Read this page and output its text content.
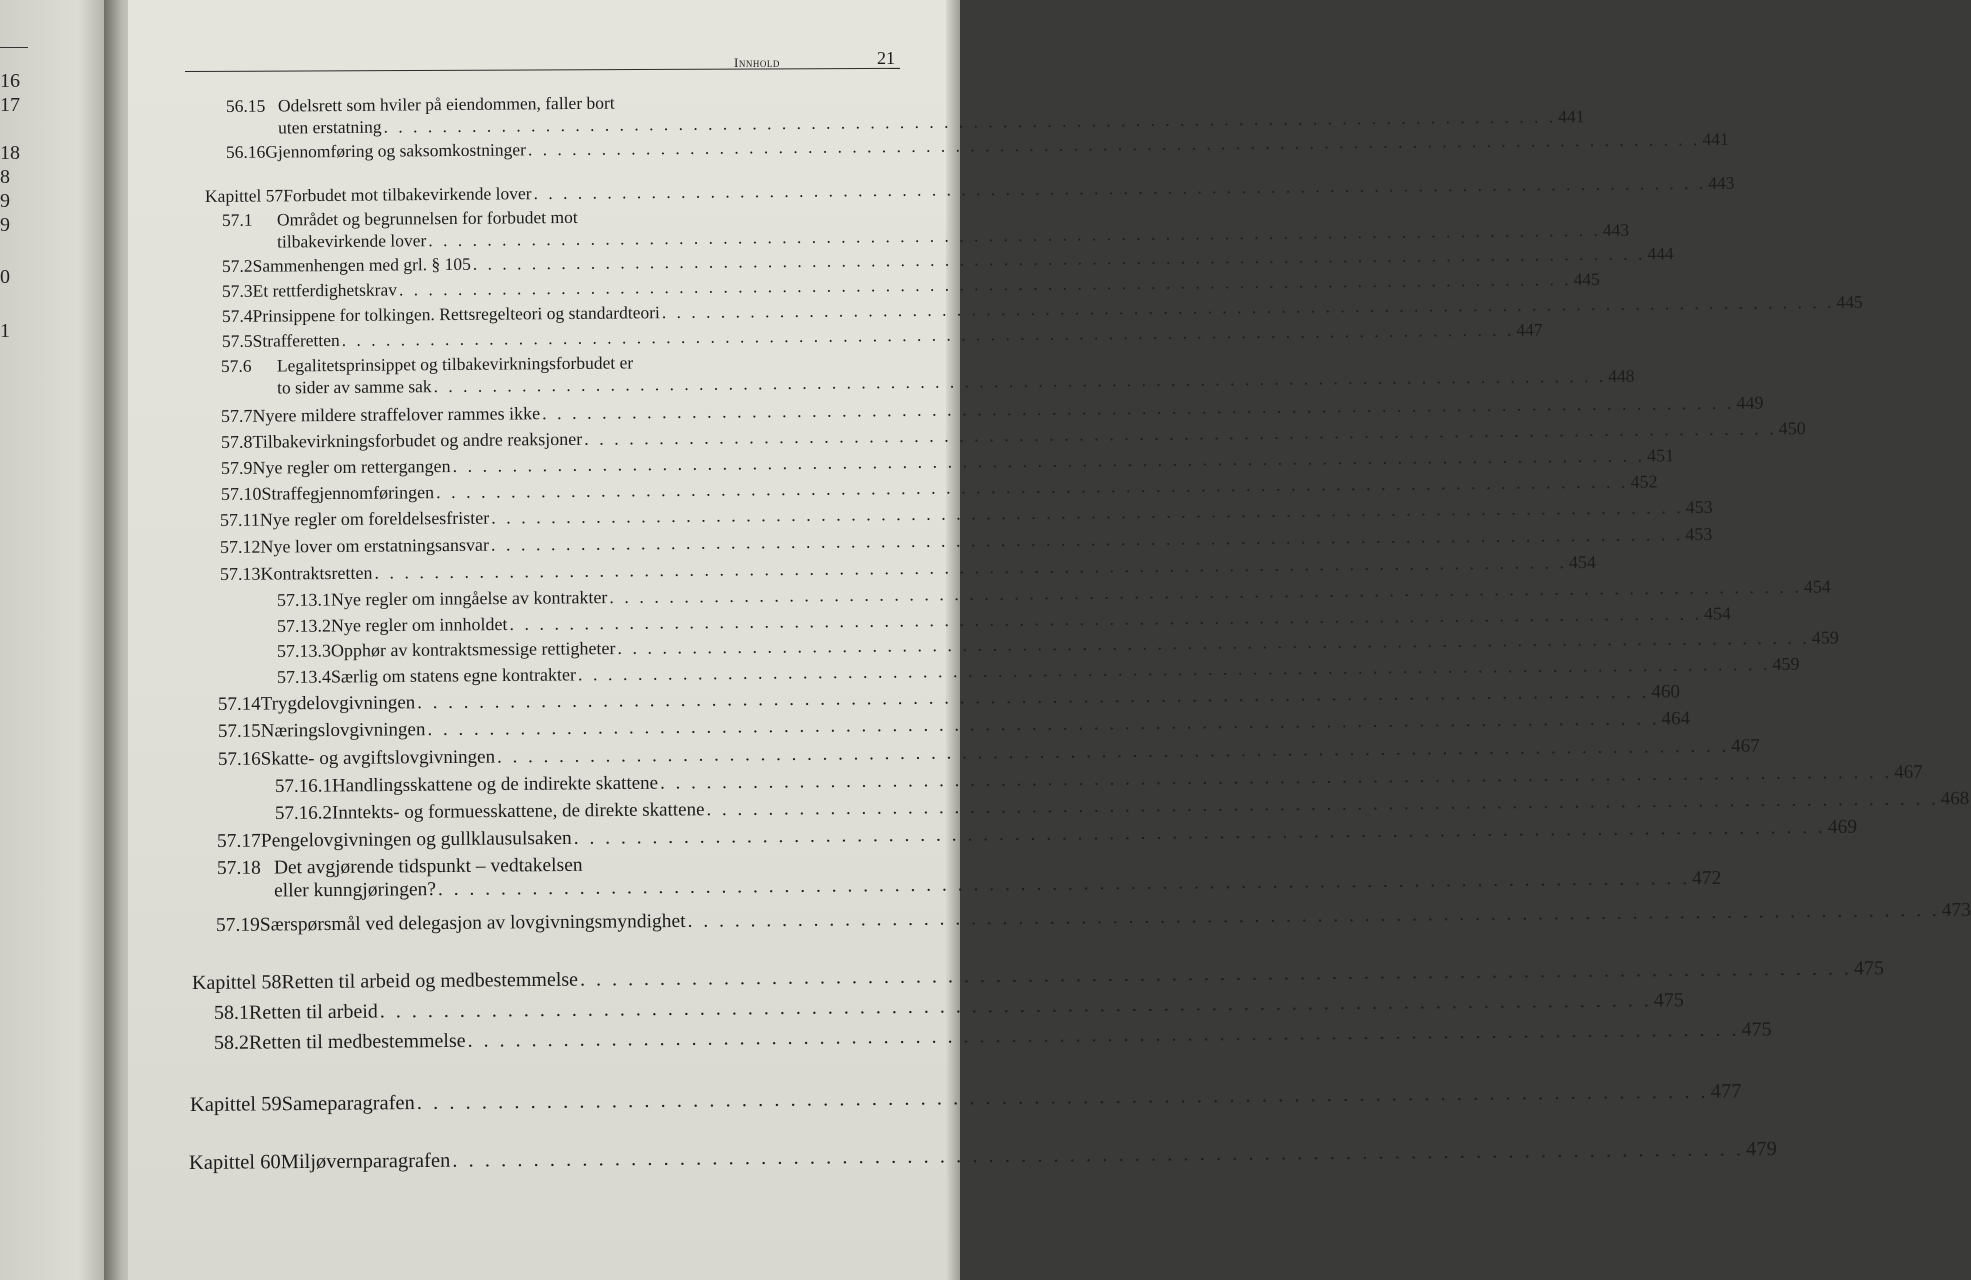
16
17
18
8
9
9
0
1
Innhold	21
56.15 Odelsrett som hviler på eiendommen, faller bort
uten erstatning . . . . . . . . . . . . . . . . . . . . . . . . . . . . . . . . . . . . . . . . . . . . . . . . . . . . . . . . . . . . . . . . . . . . . . . . . . . . . . . . 441
56.16 Gjennomføring og saksomkostninger . . . . . . . . . . . . . . . . . . . . . . . . . . . . . . . . . . . . . . . . . . . . . . . . . . . . . . . . . . . . . . . . . . . . . . . . . . . . . . . . 441
Kapittel 57 Forbudet mot tilbakevirkende lover . . . . . . . . . . . . . . . . . . . . . . . . . . . . . . . . . . . . . . . . . . . . . . . . . . . . . . . . . . . . . . . . . . . . . . . . . . . . . . . . 443
57.1	Området og begrunnelsen for forbudet mot
tilbakevirkende lover . . . . . . . . . . . . . . . . . . . . . . . . . . . . . . . . . . . . . . . . . . . . . . . . . . . . . . . . . . . . . . . . . . . . . . . . . . . . . . . . 443
57.2 Sammenhengen med grl. § 105 . . . . . . . . . . . . . . . . . . . . . . . . . . . . . . . . . . . . . . . . . . . . . . . . . . . . . . . . . . . . . . . . . . . . . . . . . . . . . . . . 444
57.3 Et rettferdighetskrav . . . . . . . . . . . . . . . . . . . . . . . . . . . . . . . . . . . . . . . . . . . . . . . . . . . . . . . . . . . . . . . . . . . . . . . . . . . . . . . . 445
57.4 Prinsippene for tolkingen. Rettsregelteori og standardteori . . . . . . . . . . . . . . . . . . . . . . . . . . . . . . . . . . . . . . . . . . . . . . . . . . . . . . . . . . . . . . . . . . . . . . . . . . . . . . . . 445
57.5 Strafferetten . . . . . . . . . . . . . . . . . . . . . . . . . . . . . . . . . . . . . . . . . . . . . . . . . . . . . . . . . . . . . . . . . . . . . . . . . . . . . . . . 447
57.6	Legalitetsprinsippet og tilbakevirkningsforbudet er
to sider av samme sak . . . . . . . . . . . . . . . . . . . . . . . . . . . . . . . . . . . . . . . . . . . . . . . . . . . . . . . . . . . . . . . . . . . . . . . . . . . . . . . . 448
57.7 Nyere mildere straffelover rammes ikke . . . . . . . . . . . . . . . . . . . . . . . . . . . . . . . . . . . . . . . . . . . . . . . . . . . . . . . . . . . . . . . . . . . . . . . . . . . . . . . . 449
57.8 Tilbakevirkningsforbudet og andre reaksjoner . . . . . . . . . . . . . . . . . . . . . . . . . . . . . . . . . . . . . . . . . . . . . . . . . . . . . . . . . . . . . . . . . . . . . . . . . . . . . . . . 450
57.9 Nye regler om rettergangen . . . . . . . . . . . . . . . . . . . . . . . . . . . . . . . . . . . . . . . . . . . . . . . . . . . . . . . . . . . . . . . . . . . . . . . . . . . . . . . . 451
57.10 Straffegjennomføringen . . . . . . . . . . . . . . . . . . . . . . . . . . . . . . . . . . . . . . . . . . . . . . . . . . . . . . . . . . . . . . . . . . . . . . . . . . . . . . . . 452
57.11 Nye regler om foreldelsesfrister . . . . . . . . . . . . . . . . . . . . . . . . . . . . . . . . . . . . . . . . . . . . . . . . . . . . . . . . . . . . . . . . . . . . . . . . . . . . . . . . 453
57.12 Nye lover om erstatningsansvar . . . . . . . . . . . . . . . . . . . . . . . . . . . . . . . . . . . . . . . . . . . . . . . . . . . . . . . . . . . . . . . . . . . . . . . . . . . . . . . . 453
57.13 Kontraktsretten . . . . . . . . . . . . . . . . . . . . . . . . . . . . . . . . . . . . . . . . . . . . . . . . . . . . . . . . . . . . . . . . . . . . . . . . . . . . . . . . 454
57.13.1 Nye regler om inngåelse av kontrakter . . . . . . . . . . . . . . . . . . . . . . . . . . . . . . . . . . . . . . . . . . . . . . . . . . . . . . . . . . . . . . . . . . . . . . . . . . . . . . . . 454
57.13.2 Nye regler om innholdet . . . . . . . . . . . . . . . . . . . . . . . . . . . . . . . . . . . . . . . . . . . . . . . . . . . . . . . . . . . . . . . . . . . . . . . . . . . . . . . . 454
57.13.3 Opphør av kontraktsmessige rettigheter . . . . . . . . . . . . . . . . . . . . . . . . . . . . . . . . . . . . . . . . . . . . . . . . . . . . . . . . . . . . . . . . . . . . . . . . . . . . . . . . 459
57.13.4 Særlig om statens egne kontrakter . . . . . . . . . . . . . . . . . . . . . . . . . . . . . . . . . . . . . . . . . . . . . . . . . . . . . . . . . . . . . . . . . . . . . . . . . . . . . . . . 459
57.14 Trygdelovgivningen . . . . . . . . . . . . . . . . . . . . . . . . . . . . . . . . . . . . . . . . . . . . . . . . . . . . . . . . . . . . . . . . . . . . . . . . . . . . . . . . 460
57.15 Næringslovgivningen . . . . . . . . . . . . . . . . . . . . . . . . . . . . . . . . . . . . . . . . . . . . . . . . . . . . . . . . . . . . . . . . . . . . . . . . . . . . . . . . 464
57.16 Skatte- og avgiftslovgivningen . . . . . . . . . . . . . . . . . . . . . . . . . . . . . . . . . . . . . . . . . . . . . . . . . . . . . . . . . . . . . . . . . . . . . . . . . . . . . . . . 467
57.16.1 Handlingsskattene og de indirekte skattene . . . . . . . . . . . . . . . . . . . . . . . . . . . . . . . . . . . . . . . . . . . . . . . . . . . . . . . . . . . . . . . . . . . . . . . . . . . . . . . . 467
57.16.2 Inntekts- og formuesskattene, de direkte skattene . . . . . . . . . . . . . . . . . . . . . . . . . . . . . . . . . . . . . . . . . . . . . . . . . . . . . . . . . . . . . . . . . . . . . . . . . . . . . . . . 468
57.17 Pengelovgivningen og gullklausulsaken . . . . . . . . . . . . . . . . . . . . . . . . . . . . . . . . . . . . . . . . . . . . . . . . . . . . . . . . . . . . . . . . . . . . . . . . . . . . . . . . 469
57.18 Det avgjørende tidspunkt – vedtakelsen
eller kunngjøringen? . . . . . . . . . . . . . . . . . . . . . . . . . . . . . . . . . . . . . . . . . . . . . . . . . . . . . . . . . . . . . . . . . . . . . . . . . . . . . . . . 472
57.19 Særspørsmål ved delegasjon av lovgivningsmyndighet . . . . . . . . . . . . . . . . . . . . . . . . . . . . . . . . . . . . . . . . . . . . . . . . . . . . . . . . . . . . . . . . . . . . . . . . . . . . . . . . 473
Kapittel 58 Retten til arbeid og medbestemmelse . . . . . . . . . . . . . . . . . . . . . . . . . . . . . . . . . . . . . . . . . . . . . . . . . . . . . . . . . . . . . . . . . . . . . . . . . . . . . . . . 475
58.1 Retten til arbeid . . . . . . . . . . . . . . . . . . . . . . . . . . . . . . . . . . . . . . . . . . . . . . . . . . . . . . . . . . . . . . . . . . . . . . . . . . . . . . . . 475
58.2 Retten til medbestemmelse . . . . . . . . . . . . . . . . . . . . . . . . . . . . . . . . . . . . . . . . . . . . . . . . . . . . . . . . . . . . . . . . . . . . . . . . . . . . . . . . 475
Kapittel 59 Sameparagrafen . . . . . . . . . . . . . . . . . . . . . . . . . . . . . . . . . . . . . . . . . . . . . . . . . . . . . . . . . . . . . . . . . . . . . . . . . . . . . . . . 477
Kapittel 60 Miljøvernparagrafen . . . . . . . . . . . . . . . . . . . . . . . . . . . . . . . . . . . . . . . . . . . . . . . . . . . . . . . . . . . . . . . . . . . . . . . . . . . . . . . . 479
